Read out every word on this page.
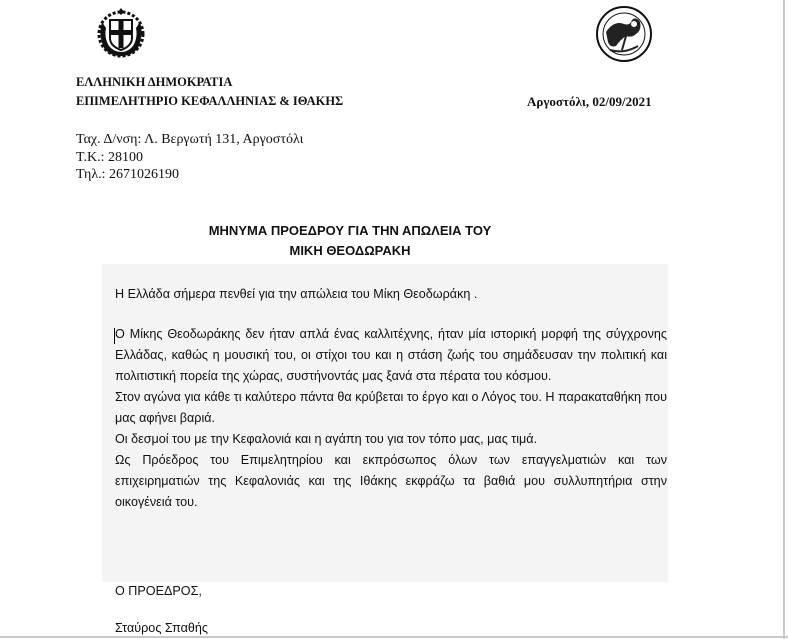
ΕΛΛΗΝΙΚΗ ΔΗΜΟΚΡΑΤΙΑ
ΕΠΙΜΕΛΗΤΗΡΙΟ ΚΕΦΑΛΛΗΝΙΑΣ & ΙΘΑΚΗΣ	Αργοστόλι, 02/09/2021
Ταχ. Δ/νση: Λ. Βεργωτή 131, Αργοστόλι
Τ.Κ.: 28100
Τηλ.: 2671026190
ΜΗΝΥΜΑ ΠΡΟΕΔΡΟΥ ΓΙΑ ΤΗΝ ΑΠΩΛΕΙΑ ΤΟΥ
ΜΙΚΗ ΘΕΟΔΩΡΑΚΗ
Η Ελλάδα σήμερα πενθεί για την απώλεια του Μίκη Θεοδωράκη .
Ο Μίκης Θεοδωράκης δεν ήταν απλά ένας καλλιτέχνης, ήταν μία ιστορική μορφή της σύγχρονης Ελλάδας, καθώς η μουσική του, οι στίχοι του και η στάση ζωής του σημάδευσαν την πολιτική και πολιτιστική πορεία της χώρας, συστήνοντάς μας ξανά στα πέρατα του κόσμου.
Στον αγώνα για κάθε τι καλύτερο πάντα θα κρύβεται το έργο και ο Λόγος του. Η παρακαταθήκη που μας αφήνει βαριά.
Οι δεσμοί του με την Κεφαλονιά και η αγάπη του για τον τόπο μας, μας τιμά.
Ως Πρόεδρος του Επιμελητηρίου και εκπρόσωπος όλων των επαγγελματιών και των επιχειρηματιών της Κεφαλονιάς και της Ιθάκης εκφράζω τα βαθιά μου συλλυπητήρια στην οικογένειά του.
Ο ΠΡΟΕΔΡΟΣ,
Σταύρος Σπαθής
